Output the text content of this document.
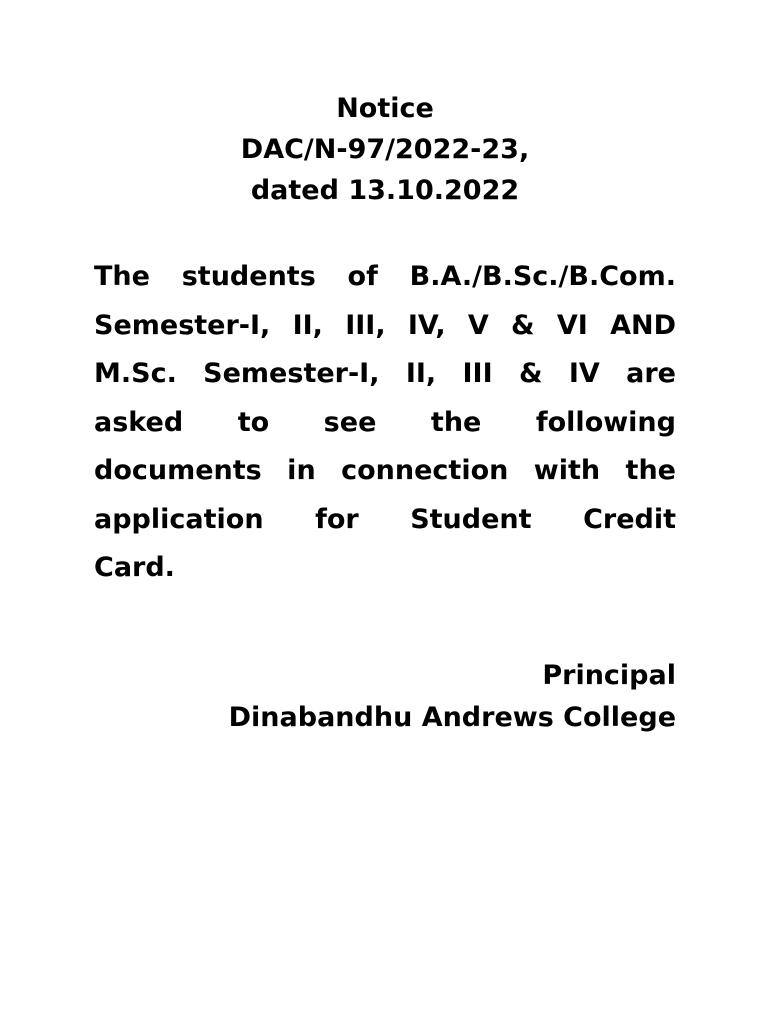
Notice
DAC/N-97/2022-23,
dated 13.10.2022
The students of B.A./B.Sc./B.Com.
Semester-I, II, III, IV, V & VI AND
M.Sc. Semester-I, II, III & IV are
asked to see the following
documents in connection with the
application for Student Credit
Card.
Principal
Dinabandhu Andrews College
